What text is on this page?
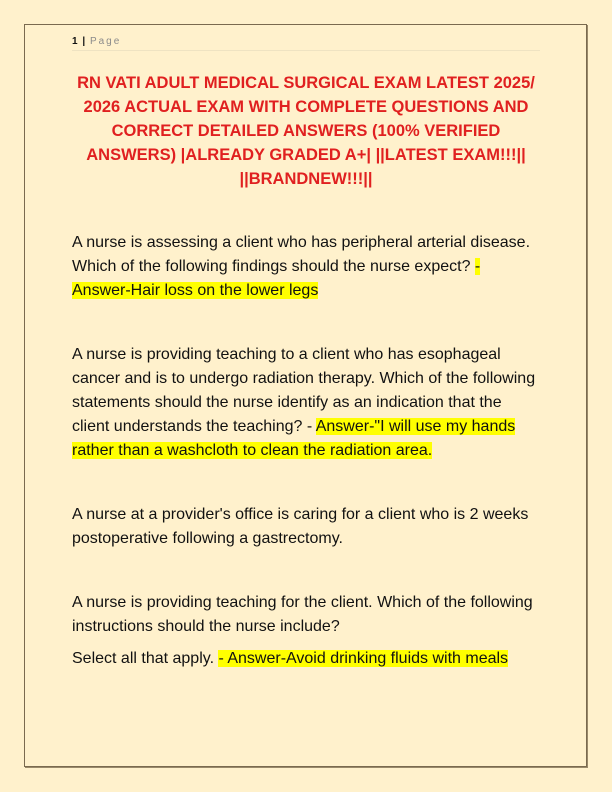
1 | Page
RN VATI ADULT MEDICAL SURGICAL EXAM LATEST 2025/ 2026 ACTUAL EXAM WITH COMPLETE QUESTIONS AND CORRECT DETAILED ANSWERS (100% VERIFIED ANSWERS) |ALREADY GRADED A+| ||LATEST EXAM!!!|| ||BRANDNEW!!!||

A nurse is assessing a client who has peripheral arterial disease. Which of the following findings should the nurse expect? - Answer-Hair loss on the lower legs

A nurse is providing teaching to a client who has esophageal cancer and is to undergo radiation therapy. Which of the following statements should the nurse identify as an indication that the client understands the teaching? - Answer-"I will use my hands rather than a washcloth to clean the radiation area.

A nurse at a provider's office is caring for a client who is 2 weeks postoperative following a gastrectomy.

A nurse is providing teaching for the client. Which of the following instructions should the nurse include?

Select all that apply. - Answer-Avoid drinking fluids with meals
